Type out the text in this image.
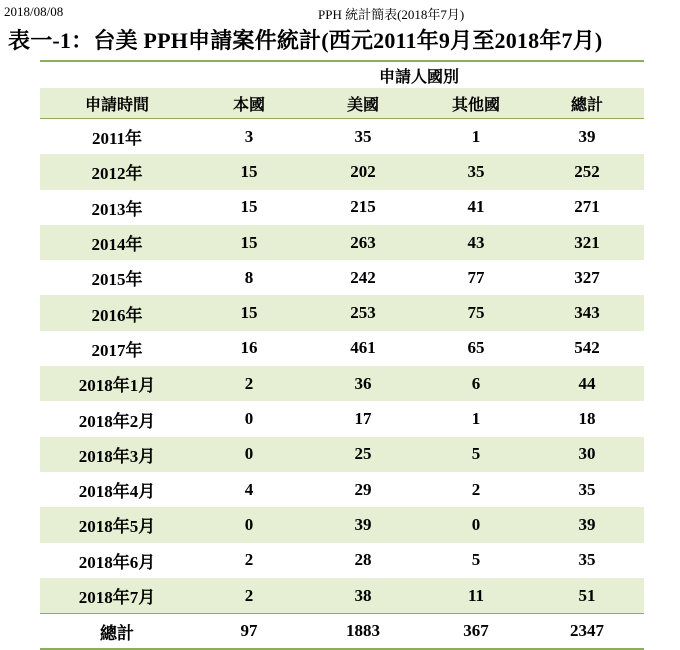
2018/08/08	PPH 統計簡表(2018年7月)
表一-1：台美 PPH申請案件統計(西元2011年9月至2018年7月)
	申請人國別			
申請時間	本國	美國	其他國	總計
2011年	3	35	1	39
2012年	15	202	35	252
2013年	15	215	41	271
2014年	15	263	43	321
2015年	8	242	77	327
2016年	15	253	75	343
2017年	16	461	65	542
2018年1月	2	36	6	44
2018年2月	0	17	1	18
2018年3月	0	25	5	30
2018年4月	4	29	2	35
2018年5月	0	39	0	39
2018年6月	2	28	5	35
2018年7月	2	38	11	51
總計	97	1883	367	2347
